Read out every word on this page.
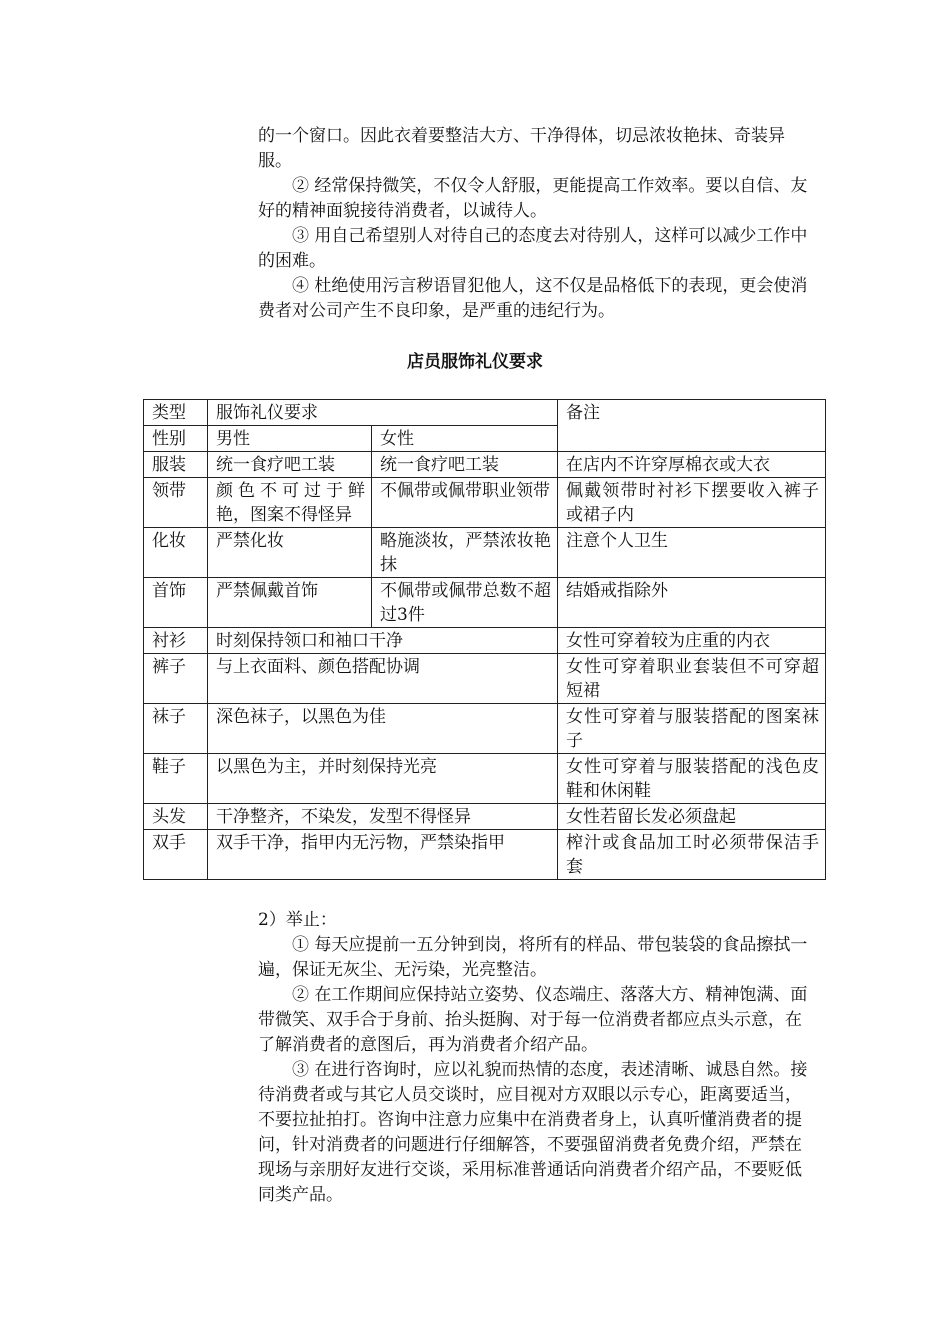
的一个窗口。因此衣着要整洁大方、干净得体，切忌浓妆艳抹、奇装异服。

② 经常保持微笑，不仅令人舒服，更能提高工作效率。要以自信、友好的精神面貌接待消费者，以诚待人。

③ 用自己希望别人对待自己的态度去对待别人，这样可以减少工作中的困难。

④ 杜绝使用污言秽语冒犯他人，这不仅是品格低下的表现，更会使消费者对公司产生不良印象，是严重的违纪行为。

店员服饰礼仪要求
类型	服饰礼仪要求		备注
性别	男性	女性	
服装	统一食疗吧工装	统一食疗吧工装	在店内不许穿厚棉衣或大衣
领带	颜色不可过于鲜艳，图案不得怪异	不佩带或佩带职业领带	佩戴领带时衬衫下摆要收入裤子或裙子内
化妆	严禁化妆	略施淡妆，严禁浓妆艳抹	注意个人卫生
首饰	严禁佩戴首饰	不佩带或佩带总数不超过3件	结婚戒指除外
衬衫	时刻保持领口和袖口干净		女性可穿着较为庄重的内衣
裤子	与上衣面料、颜色搭配协调		女性可穿着职业套装但不可穿超短裙
袜子	深色袜子，以黑色为佳		女性可穿着与服装搭配的图案袜子
鞋子	以黑色为主，并时刻保持光亮		女性可穿着与服装搭配的浅色皮鞋和休闲鞋
头发	干净整齐，不染发，发型不得怪异		女性若留长发必须盘起
双手	双手干净，指甲内无污物，严禁染指甲		榨汁或食品加工时必须带保洁手套

2）举止：

① 每天应提前一五分钟到岗，将所有的样品、带包装袋的食品擦拭一遍，保证无灰尘、无污染，光亮整洁。

② 在工作期间应保持站立姿势、仪态端庄、落落大方、精神饱满、面带微笑、双手合于身前、抬头挺胸、对于每一位消费者都应点头示意，在了解消费者的意图后，再为消费者介绍产品。

③ 在进行咨询时，应以礼貌而热情的态度，表述清晰、诚恳自然。接待消费者或与其它人员交谈时，应目视对方双眼以示专心，距离要适当，不要拉扯拍打。咨询中注意力应集中在消费者身上，认真听懂消费者的提问，针对消费者的问题进行仔细解答，不要强留消费者免费介绍，严禁在现场与亲朋好友进行交谈，采用标准普通话向消费者介绍产品，不要贬低同类产品。
